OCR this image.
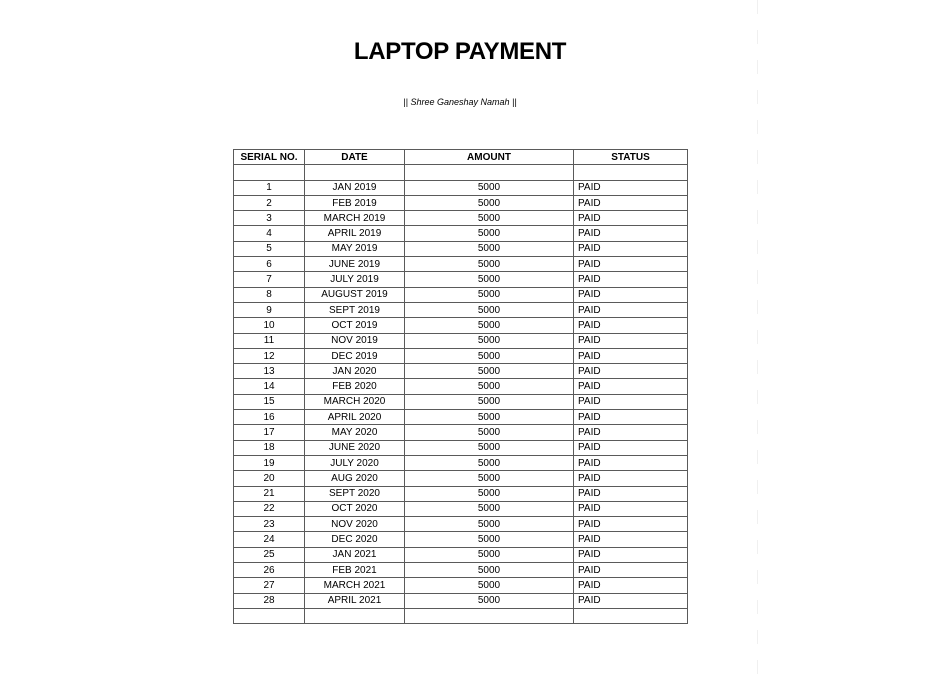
LAPTOP PAYMENT
|| Shree Ganeshay Namah ||
SERIAL NO.	DATE	AMOUNT	STATUS

1	JAN 2019	5000	PAID
2	FEB 2019	5000	PAID
3	MARCH 2019	5000	PAID
4	APRIL 2019	5000	PAID
5	MAY 2019	5000	PAID
6	JUNE 2019	5000	PAID
7	JULY 2019	5000	PAID
8	AUGUST 2019	5000	PAID
9	SEPT 2019	5000	PAID
10	OCT 2019	5000	PAID
11	NOV 2019	5000	PAID
12	DEC 2019	5000	PAID
13	JAN 2020	5000	PAID
14	FEB 2020	5000	PAID
15	MARCH 2020	5000	PAID
16	APRIL 2020	5000	PAID
17	MAY 2020	5000	PAID
18	JUNE 2020	5000	PAID
19	JULY 2020	5000	PAID
20	AUG 2020	5000	PAID
21	SEPT 2020	5000	PAID
22	OCT 2020	5000	PAID
23	NOV 2020	5000	PAID
24	DEC 2020	5000	PAID
25	JAN 2021	5000	PAID
26	FEB 2021	5000	PAID
27	MARCH 2021	5000	PAID
28	APRIL 2021	5000	PAID
